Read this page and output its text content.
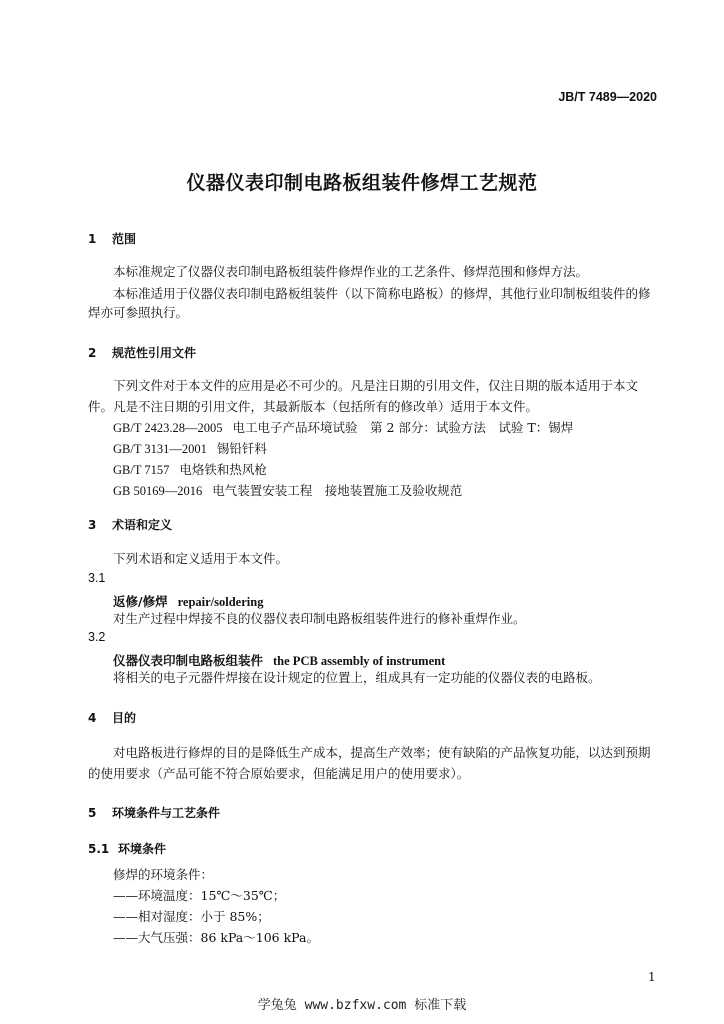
JB/T 7489—2020
仪器仪表印制电路板组装件修焊工艺规范
1 范围
本标准规定了仪器仪表印制电路板组装件修焊作业的工艺条件、修焊范围和修焊方法。
本标准适用于仪器仪表印制电路板组装件（以下简称电路板）的修焊，其他行业印制板组装件的修
焊亦可参照执行。
2 规范性引用文件
下列文件对于本文件的应用是必不可少的。凡是注日期的引用文件，仅注日期的版本适用于本文
件。凡是不注日期的引用文件，其最新版本（包括所有的修改单）适用于本文件。
GB/T 2423.28—2005 电工电子产品环境试验　第 2 部分：试验方法　试验 T：锡焊
GB/T 3131—2001 锡铅钎料
GB/T 7157 电烙铁和热风枪
GB 50169—2016 电气装置安装工程　接地装置施工及验收规范
3 术语和定义
下列术语和定义适用于本文件。
3.1
返修/修焊 repair/soldering
对生产过程中焊接不良的仪器仪表印制电路板组装件进行的修补重焊作业。
3.2
仪器仪表印制电路板组装件 the PCB assembly of instrument
将相关的电子元器件焊接在设计规定的位置上，组成具有一定功能的仪器仪表的电路板。
4 目的
对电路板进行修焊的目的是降低生产成本，提高生产效率；使有缺陷的产品恢复功能，以达到预期
的使用要求（产品可能不符合原始要求，但能满足用户的使用要求）。
5 环境条件与工艺条件
5.1 环境条件
修焊的环境条件：
——环境温度：15℃～35℃；
——相对湿度：小于 85%；
——大气压强：86 kPa～106 kPa。
1
学兔兔 www.bzfxw.com 标准下载
